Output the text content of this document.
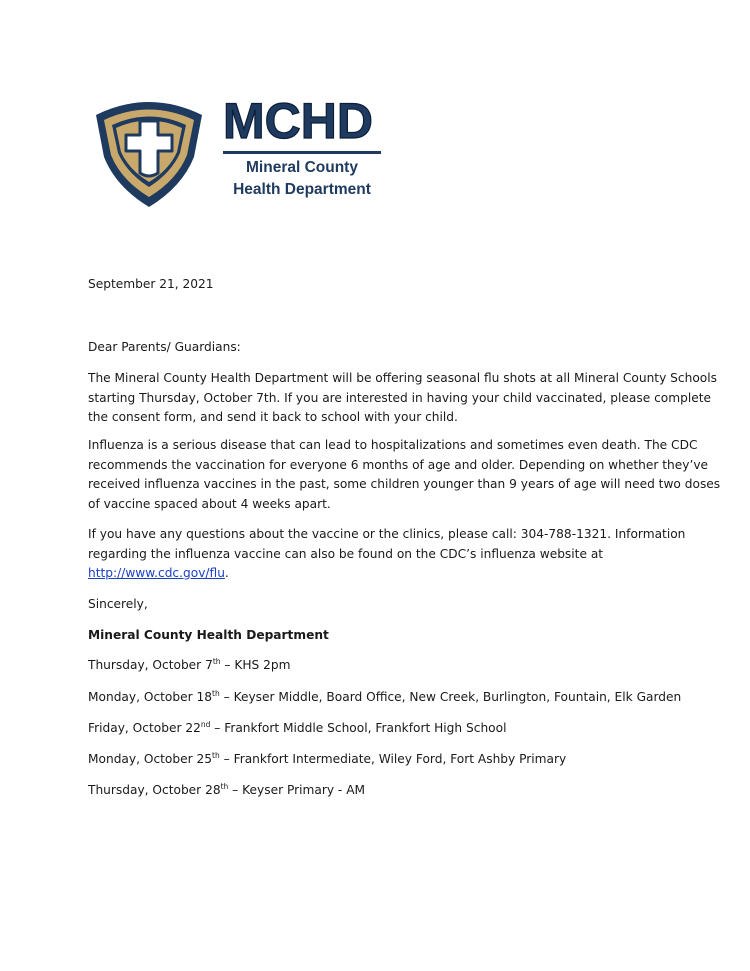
MCHD
Mineral County
Health Department
September 21, 2021
Dear Parents/ Guardians:
The Mineral County Health Department will be offering seasonal flu shots at all Mineral County Schools
starting Thursday, October 7th. If you are interested in having your child vaccinated, please complete
the consent form, and send it back to school with your child.
Influenza is a serious disease that can lead to hospitalizations and sometimes even death. The CDC
recommends the vaccination for everyone 6 months of age and older. Depending on whether they’ve
received influenza vaccines in the past, some children younger than 9 years of age will need two doses
of vaccine spaced about 4 weeks apart.
If you have any questions about the vaccine or the clinics, please call: 304-788-1321. Information
regarding the influenza vaccine can also be found on the CDC’s influenza website at
http://www.cdc.gov/flu.
Sincerely,
Mineral County Health Department
Thursday, October 7th – KHS 2pm
Monday, October 18th – Keyser Middle, Board Office, New Creek, Burlington, Fountain, Elk Garden
Friday, October 22nd – Frankfort Middle School, Frankfort High School
Monday, October 25th – Frankfort Intermediate, Wiley Ford, Fort Ashby Primary
Thursday, October 28th – Keyser Primary - AM
